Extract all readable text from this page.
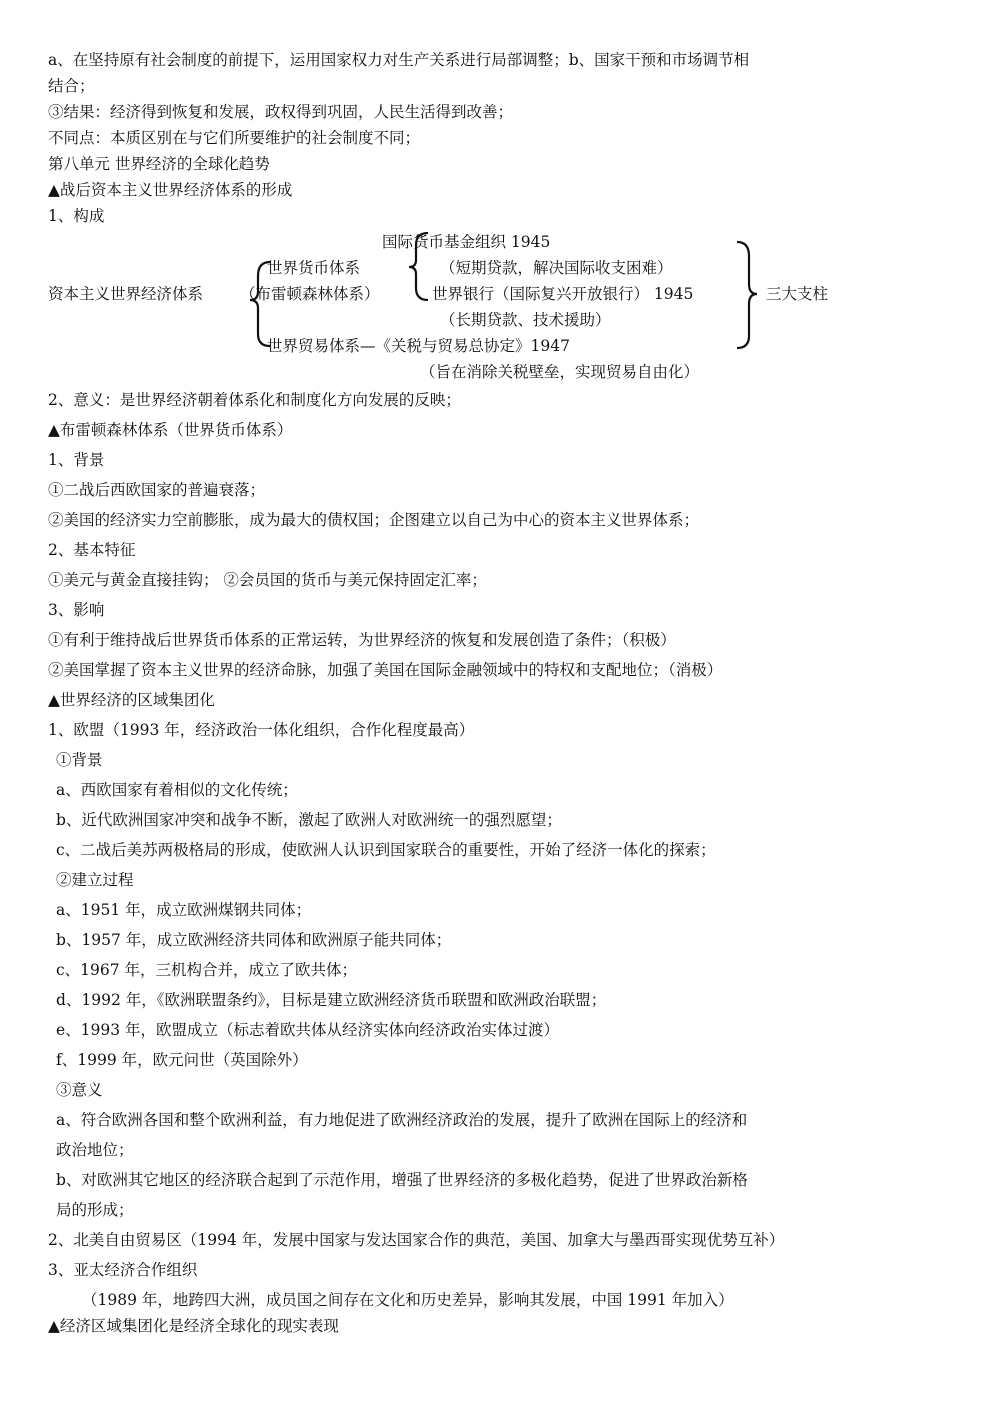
a、在坚持原有社会制度的前提下，运用国家权力对生产关系进行局部调整；b、国家干预和市场调节相
结合；
③结果：经济得到恢复和发展，政权得到巩固，人民生活得到改善；
不同点：本质区别在与它们所要维护的社会制度不同；
第八单元 世界经济的全球化趋势
▲战后资本主义世界经济体系的形成
1、构成
国际货币基金组织 1945
世界货币体系	（短期贷款，解决国际收支困难）
资本主义世界经济体系 （布雷顿森林体系）	世界银行（国际复兴开放银行） 1945	三大支柱
（长期贷款、技术援助）
世界贸易体系—《关税与贸易总协定》1947
（旨在消除关税壁垒，实现贸易自由化）
2、意义：是世界经济朝着体系化和制度化方向发展的反映；
▲布雷顿森林体系（世界货币体系）
1、背景
①二战后西欧国家的普遍衰落；
②美国的经济实力空前膨胀，成为最大的债权国；企图建立以自己为中心的资本主义世界体系；
2、基本特征
①美元与黄金直接挂钩； ②会员国的货币与美元保持固定汇率；
3、影响
①有利于维持战后世界货币体系的正常运转，为世界经济的恢复和发展创造了条件；（积极）
②美国掌握了资本主义世界的经济命脉，加强了美国在国际金融领域中的特权和支配地位；（消极）
▲世界经济的区域集团化
1、欧盟（1993 年，经济政治一体化组织，合作化程度最高）
①背景
a、西欧国家有着相似的文化传统；
b、近代欧洲国家冲突和战争不断，激起了欧洲人对欧洲统一的强烈愿望；
c、二战后美苏两极格局的形成，使欧洲人认识到国家联合的重要性，开始了经济一体化的探索；
②建立过程
a、1951 年，成立欧洲煤钢共同体；
b、1957 年，成立欧洲经济共同体和欧洲原子能共同体；
c、1967 年，三机构合并，成立了欧共体；
d、1992 年，《欧洲联盟条约》，目标是建立欧洲经济货币联盟和欧洲政治联盟；
e、1993 年，欧盟成立（标志着欧共体从经济实体向经济政治实体过渡）
f、1999 年，欧元问世（英国除外）
③意义
a、符合欧洲各国和整个欧洲利益，有力地促进了欧洲经济政治的发展，提升了欧洲在国际上的经济和
政治地位；
b、对欧洲其它地区的经济联合起到了示范作用，增强了世界经济的多极化趋势，促进了世界政治新格
局的形成；
2、北美自由贸易区（1994 年，发展中国家与发达国家合作的典范，美国、加拿大与墨西哥实现优势互补）
3、亚太经济合作组织
（1989 年，地跨四大洲，成员国之间存在文化和历史差异，影响其发展，中国 1991 年加入）
▲经济区域集团化是经济全球化的现实表现
